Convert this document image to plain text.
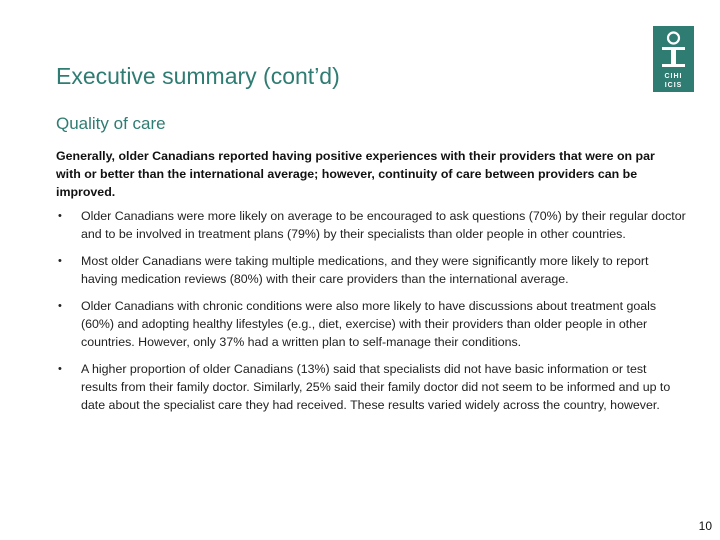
Executive summary (cont’d)	CIHI
ICIS
Quality of care
Generally, older Canadians reported having positive experiences with their providers that were on par with or better than the international average; however, continuity of care between providers can be improved.
• Older Canadians were more likely on average to be encouraged to ask questions (70%) by their regular doctor and to be involved in treatment plans (79%) by their specialists than older people in other countries.
• Most older Canadians were taking multiple medications, and they were significantly more likely to report having medication reviews (80%) with their care providers than the international average.
• Older Canadians with chronic conditions were also more likely to have discussions about treatment goals (60%) and adopting healthy lifestyles (e.g., diet, exercise) with their providers than older people in other countries. However, only 37% had a written plan to self-manage their conditions.
• A higher proportion of older Canadians (13%) said that specialists did not have basic information or test results from their family doctor. Similarly, 25% said their family doctor did not seem to be informed and up to date about the specialist care they had received. These results varied widely across the country, however.
10
